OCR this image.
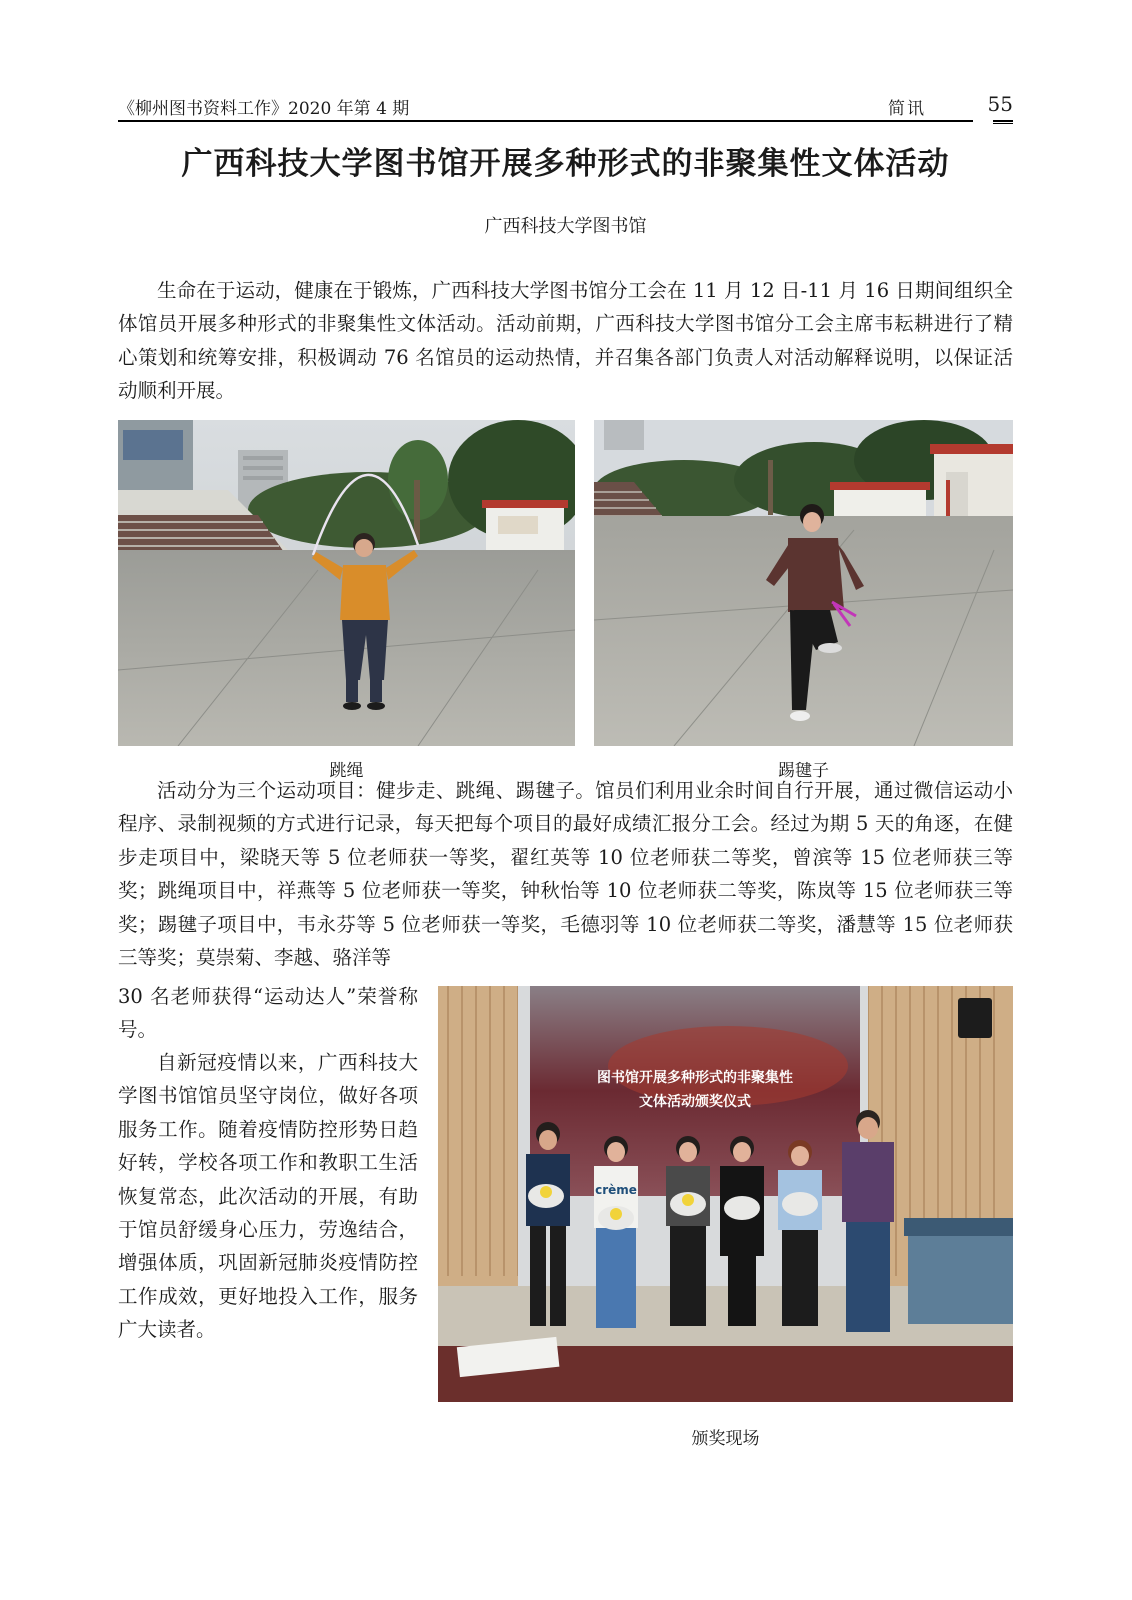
《柳州图书资料工作》2020 年第 4 期	简讯	55
广西科技大学图书馆开展多种形式的非聚集性文体活动
广西科技大学图书馆

生命在于运动，健康在于锻炼，广西科技大学图书馆分工会在 11 月 12 日-11 月 16 日期间组织全体馆员开展多种形式的非聚集性文体活动。活动前期，广西科技大学图书馆分工会主席韦耘耕进行了精心策划和统筹安排，积极调动 76 名馆员的运动热情，并召集各部门负责人对活动解释说明，以保证活动顺利开展。

跳绳	踢毽子

活动分为三个运动项目：健步走、跳绳、踢毽子。馆员们利用业余时间自行开展，通过微信运动小程序、录制视频的方式进行记录，每天把每个项目的最好成绩汇报分工会。经过为期 5 天的角逐，在健步走项目中，梁晓天等 5 位老师获一等奖，翟红英等 10 位老师获二等奖，曾滨等 15 位老师获三等奖；跳绳项目中，祥燕等 5 位老师获一等奖，钟秋怡等 10 位老师获二等奖，陈岚等 15 位老师获三等奖；踢毽子项目中，韦永芬等 5 位老师获一等奖，毛德羽等 10 位老师获二等奖，潘慧等 15 位老师获三等奖；莫崇菊、李越、骆洋等

30 名老师获得“运动达人”荣誉称号。

自新冠疫情以来，广西科技大学图书馆馆员坚守岗位，做好各项服务工作。随着疫情防控形势日趋好转，学校各项工作和教职工生活恢复常态，此次活动的开展，有助于馆员舒缓身心压力，劳逸结合，增强体质，巩固新冠肺炎疫情防控工作成效，更好地投入工作，服务广大读者。

图书馆开展多种形式的非聚集性
文体活动颁奖仪式
crème
颁奖现场
